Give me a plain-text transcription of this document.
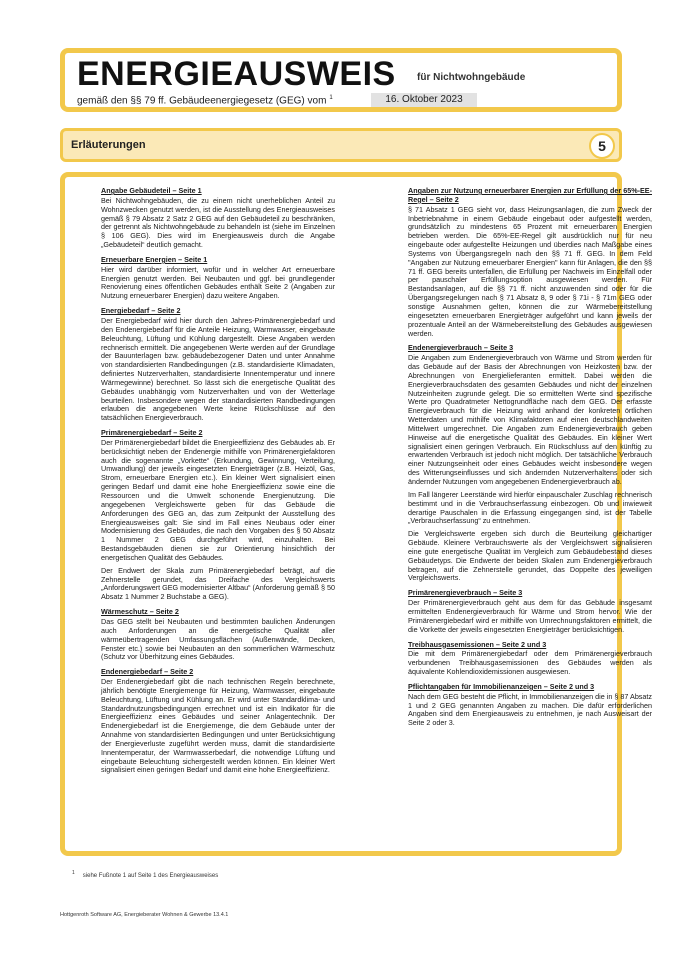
ENERGIEAUSWEIS für Nichtwohngebäude
gemäß den §§ 79 ff. Gebäudeenergiegesetz (GEG) vom $^1$	16. Oktober 2023
Erläuterungen	5
Angabe Gebäudeteil – Seite 1

Bei Nichtwohngebäuden, die zu einem nicht unerheblichen Anteil zu Wohnzwecken genutzt werden, ist die Ausstellung des Energieausweises gemäß § 79 Absatz 2 Satz 2 GEG auf den Gebäudeteil zu beschränken, der getrennt als Nichtwohngebäude zu behandeln ist (siehe im Einzelnen § 106 GEG). Dies wird im Energieausweis durch die Angabe „Gebäudeteil“ deutlich gemacht.

Erneuerbare Energien – Seite 1

Hier wird darüber informiert, wofür und in welcher Art erneuerbare Energien genutzt werden. Bei Neubauten und ggf. bei grundlegender Renovierung eines öffentlichen Gebäudes enthält Seite 2 (Angaben zur Nutzung erneuerbarer Energien) dazu weitere Angaben.

Energiebedarf – Seite 2

Der Energiebedarf wird hier durch den Jahres-Primärenergiebedarf und den Endenergiebedarf für die Anteile Heizung, Warmwasser, eingebaute Beleuchtung, Lüftung und Kühlung dargestellt. Diese Angaben werden rechnerisch ermittelt. Die angegebenen Werte werden auf der Grundlage der Bauunterlagen bzw. gebäudebezogener Daten und unter Annahme von standardisierten Randbedingungen (z.B. standardisierte Klimadaten, definiertes Nutzerverhalten, standardisierte Innentemperatur und innere Wärmegewinne) berechnet. So lässt sich die energetische Qualität des Gebäudes unabhängig vom Nutzerverhalten und von der Wetterlage beurteilen. Insbesondere wegen der standardisierten Randbedingungen erlauben die angegebenen Werte keine Rückschlüsse auf den tatsächlichen Energieverbrauch.

Primärenergiebedarf – Seite 2

Der Primärenergiebedarf bildet die Energieeffizienz des Gebäudes ab. Er berücksichtigt neben der Endenergie mithilfe von Primärenergiefaktoren auch die sogenannte „Vorkette“ (Erkundung, Gewinnung, Verteilung, Umwandlung) der jeweils eingesetzten Energieträger (z.B. Heizöl, Gas, Strom, erneuerbare Energien etc.). Ein kleiner Wert signalisiert einen geringen Bedarf und damit eine hohe Energieeffizienz sowie eine die Ressourcen und die Umwelt schonende Energienutzung. Die angegebenen Vergleichswerte geben für das Gebäude die Anforderungen des GEG an, das zum Zeitpunkt der Ausstellung des Energieausweises galt: Sie sind im Fall eines Neubaus oder einer Modernisierung des Gebäudes, die nach den Vorgaben des § 50 Absatz 1 Nummer 2 GEG durchgeführt wird, einzuhalten. Bei Bestandsgebäuden dienen sie zur Orientierung hinsichtlich der energetischen Qualität des Gebäudes.

Der Endwert der Skala zum Primärenergiebedarf beträgt, auf die Zehnerstelle gerundet, das Dreifache des Vergleichswerts „Anforderungswert GEG modernisierter Altbau“ (Anforderung gemäß § 50 Absatz 1 Nummer 2 Buchstabe a GEG).

Wärmeschutz – Seite 2

Das GEG stellt bei Neubauten und bestimmten baulichen Änderungen auch Anforderungen an die energetische Qualität aller wärmeübertragenden Umfassungsflächen (Außenwände, Decken, Fenster etc.) sowie bei Neubauten an den sommerlichen Wärmeschutz (Schutz vor Überhitzung eines Gebäudes.

Endenergiebedarf – Seite 2

Der Endenergiebedarf gibt die nach technischen Regeln berechnete, jährlich benötigte Energiemenge für Heizung, Warmwasser, eingebaute Beleuchtung, Lüftung und Kühlung an. Er wird unter Standardklima- und Standardnutzungsbedingungen errechnet und ist ein Indikator für die Energieeffizienz eines Gebäudes und seiner Anlagentechnik. Der Endenergiebedarf ist die Energiemenge, die dem Gebäude unter der Annahme von standardisierten Bedingungen und unter Berücksichtigung der Energieverluste zugeführt werden muss, damit die standardisierte Innentemperatur, der Warmwasserbedarf, die notwendige Lüftung und eingebaute Beleuchtung sichergestellt werden können. Ein kleiner Wert signalisiert einen geringen Bedarf und damit eine hohe Energieeffizienz.

Angaben zur Nutzung erneuerbarer Energien zur Erfüllung der 65%-EE-Regel – Seite 2

§ 71 Absatz 1 GEG sieht vor, dass Heizungsanlagen, die zum Zweck der Inbetriebnahme in einem Gebäude eingebaut oder aufgestellt werden, grundsätzlich zu mindestens 65 Prozent mit erneuerbaren Energien betrieben werden. Die 65%-EE-Regel gilt ausdrücklich nur für neu eingebaute oder aufgestellte Heizungen und überdies nach Maßgabe eines Systems von Übergangsregeln nach den §§ 71 ff. GEG. In dem Feld "Angaben zur Nutzung erneuerbarer Energien" kann für Anlagen, die den §§ 71 ff. GEG bereits unterfallen, die Erfüllung per Nachweis im Einzelfall oder per pauschaler Erfüllungsoption ausgewiesen werden. Für Bestandsanlagen, auf die §§ 71 ff. nicht anzuwenden sind oder für die Übergangsregelungen nach § 71 Absatz 8, 9 oder § 71i - § 71m GEG oder sonstige Ausnahmen gelten, können die zur Wärmebereitstellung eingesetzten erneuerbaren Energieträger aufgeführt und kann jeweils der prozentuale Anteil an der Wärmebereitstellung des Gebäudes ausgewiesen werden.

Endenergieverbrauch – Seite 3

Die Angaben zum Endenergieverbrauch von Wärme und Strom werden für das Gebäude auf der Basis der Abrechnungen von Heizkosten bzw. der Abrechnungen von Energielieferanten ermittelt. Dabei werden die Energieverbrauchsdaten des gesamten Gebäudes und nicht der einzelnen Nutzeinheiten zugrunde gelegt. Die so ermittelten Werte sind spezifische Werte pro Quadratmeter Nettogrundfläche nach dem GEG. Der erfasste Energieverbrauch für die Heizung wird anhand der konkreten örtlichen Wetterdaten und mithilfe von Klimafaktoren auf einen deutschlandweiten Mittelwert umgerechnet. Die Angaben zum Endenergieverbrauch geben Hinweise auf die energetische Qualität des Gebäudes. Ein kleiner Wert signalisiert einen geringen Verbrauch. Ein Rückschluss auf den künftig zu erwartenden Verbrauch ist jedoch nicht möglich. Der tatsächliche Verbrauch einer Nutzungseinheit oder eines Gebäudes weicht insbesondere wegen des Witterungseinflusses und sich ändernden Nutzerverhaltens oder sich ändernder Nutzungen vom angegebenen Endenergieverbrauch ab.

Im Fall längerer Leerstände wird hierfür einpauschaler Zuschlag rechnerisch bestimmt und in die Verbrauchserfassung einbezogen. Ob und inwieweit derartige Pauschalen in die Erfassung eingegangen sind, ist der Tabelle „Verbrauchserfassung“ zu entnehmen.

Die Vergleichswerte ergeben sich durch die Beurteilung gleichartiger Gebäude. Kleinere Verbrauchswerte als der Vergleichswert signalisieren eine gute energetische Qualität im Vergleich zum Gebäudebestand dieses Gebäudetyps. Die Endwerte der beiden Skalen zum Endenergieverbrauch betragen, auf die Zehnerstelle gerundet, das Doppelte des jeweiligen Vergleichswerts.

Primärenergieverbrauch – Seite 3

Der Primärenergieverbrauch geht aus dem für das Gebäude insgesamt ermittelten Endenergieverbrauch für Wärme und Strom hervor. Wie der Primärenergiebedarf wird er mithilfe von Umrechnungsfaktoren ermittelt, die die Vorkette der jeweils eingesetzten Energieträger berücksichtigen.

Treibhausgasemissionen – Seite 2 und 3

Die mit dem Primärenergiebedarf oder dem Primärenergieverbrauch verbundenen Treibhausgasemissionen des Gebäudes werden als äquivalente Kohlendioxidemissionen ausgewiesen.

Pflichtangaben für Immobilienanzeigen – Seite 2 und 3

Nach dem GEG besteht die Pflicht, in Immobilienanzeigen die in § 87 Absatz 1 und 2 GEG genannten Angaben zu machen. Die dafür erforderlichen Angaben sind dem Energieausweis zu entnehmen, je nach Ausweisart der Seite 2 oder 3.

$^1$ siehe Fußnote 1 auf Seite 1 des Energieausweises
Hottgenroth Software AG, Energieberater Wohnen & Gewerbe 13.4.1
